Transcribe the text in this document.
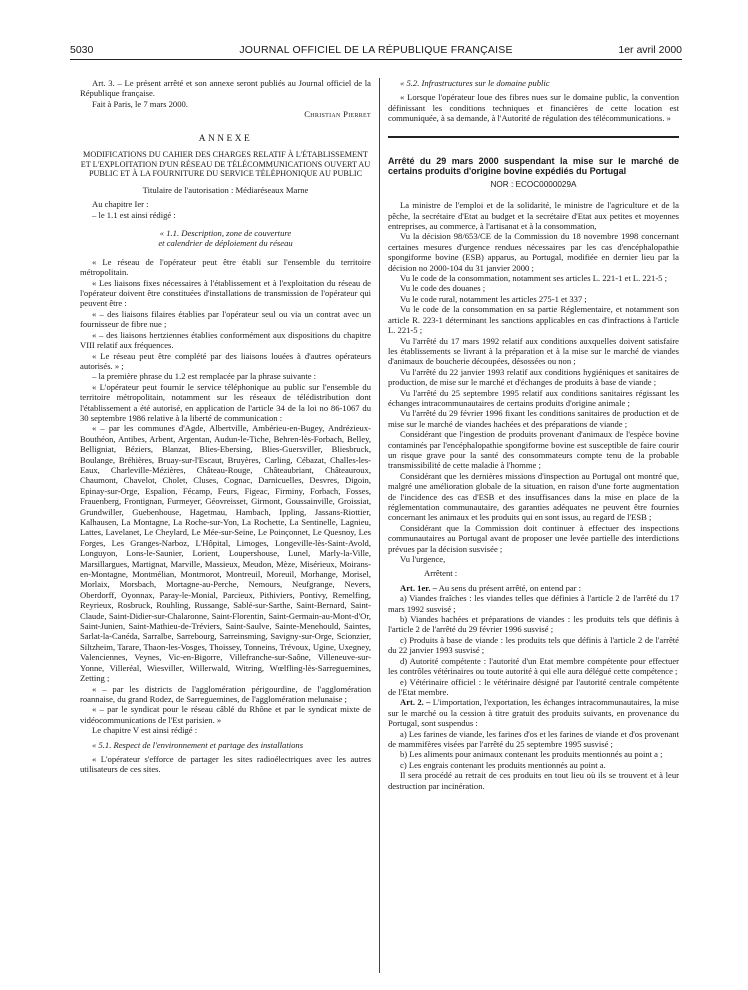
5030	JOURNAL OFFICIEL DE LA RÉPUBLIQUE FRANÇAISE	1er avril 2000

Art. 3. – Le présent arrêté et son annexe seront publiés au Journal officiel de la République française.

Fait à Paris, le 7 mars 2000.

Christian Pierret

ANNEXE

MODIFICATIONS DU CAHIER DES CHARGES RELATIF À L'ÉTABLISSEMENT ET L'EXPLOITATION D'UN RÉSEAU DE TÉLÉCOMMUNICATIONS OUVERT AU PUBLIC ET À LA FOURNITURE DU SERVICE TÉLÉPHONIQUE AU PUBLIC

Titulaire de l'autorisation : Médiaréseaux Marne

Au chapitre Ier :

– le 1.1 est ainsi rédigé :

« 1.1. Description, zone de couverture

et calendrier de déploiement du réseau

« Le réseau de l'opérateur peut être établi sur l'ensemble du territoire métropolitain.

« Les liaisons fixes nécessaires à l'établissement et à l'exploitation du réseau de l'opérateur doivent être constituées d'installations de transmission de l'opérateur qui peuvent être :

« – des liaisons filaires établies par l'opérateur seul ou via un contrat avec un fournisseur de fibre nue ;

« – des liaisons hertziennes établies conformément aux dispositions du chapitre VIII relatif aux fréquences.

« Le réseau peut être complété par des liaisons louées à d'autres opérateurs autorisés. » ;

– la première phrase du 1.2 est remplacée par la phrase suivante :

« L'opérateur peut fournir le service téléphonique au public sur l'ensemble du territoire métropolitain, notamment sur les réseaux de télédistribution dont l'établissement a été autorisé, en application de l'article 34 de la loi no 86-1067 du 30 septembre 1986 relative à la liberté de communication :

« – par les communes d'Agde, Albertville, Ambérieu-en-Bugey, Andrézieux-Bouthéon, Antibes, Arbent, Argentan, Audun-le-Tiche, Behren-lès-Forbach, Belley, Belligniat, Béziers, Blanzat, Blies-Ebersing, Blies-Guersviller, Bliesbruck, Boulange, Bréhières, Bruay-sur-l'Escaut, Bruyères, Carling, Cébazat, Challes-les-Eaux, Charleville-Mézières, Château-Rouge, Châteaubriant, Châteauroux, Chaumont, Chavelot, Cholet, Cluses, Cognac, Darnicuelles, Desvres, Digoin, Epinay-sur-Orge, Espalion, Fécamp, Feurs, Figeac, Firminy, Forbach, Fosses, Frauenberg, Frontignan, Furmeyer, Géovreisset, Girmont, Goussainville, Groissiat, Grundwiller, Guebenhouse, Hagetmau, Hambach, Ippling, Jassans-Riottier, Kalhausen, La Montagne, La Roche-sur-Yon, La Rochette, La Sentinelle, Lagnieu, Lattes, Lavelanet, Le Cheylard, Le Mée-sur-Seine, Le Poinçonnet, Le Quesnoy, Les Forges, Les Granges-Narboz, L'Hôpital, Limoges, Longeville-lès-Saint-Avold, Longuyon, Lons-le-Saunier, Lorient, Loupershouse, Lunel, Marly-la-Ville, Marsillargues, Martignat, Marville, Massieux, Meudon, Mèze, Misérieux, Moirans-en-Montagne, Montmélian, Montmorot, Montreuil, Moreuil, Morhange, Morisel, Morlaix, Morsbach, Mortagne-au-Perche, Nemours, Neufgrange, Nevers, Oberdorff, Oyonnax, Paray-le-Monial, Parcieux, Pithiviers, Pontivy, Remelfing, Reyrieux, Rosbruck, Rouhling, Russange, Sablé-sur-Sarthe, Saint-Bernard, Saint-Claude, Saint-Didier-sur-Chalaronne, Saint-Florentin, Saint-Germain-au-Mont-d'Or, Saint-Junien, Saint-Mathieu-de-Tréviers, Saint-Saulve, Sainte-Menehould, Saintes, Sarlat-la-Canéda, Sarralbe, Sarrebourg, Sarreinsming, Savigny-sur-Orge, Scionzier, Siltzheim, Tarare, Thaon-les-Vosges, Thoissey, Tonneins, Trévoux, Ugine, Uxegney, Valenciennes, Veynes, Vic-en-Bigorre, Villefranche-sur-Saône, Villeneuve-sur-Yonne, Villeréal, Wiesviller, Willerwald, Witring, Wœlfling-lès-Sarreguemines, Zetting ;

« – par les districts de l'agglomération périgourdine, de l'agglomération roannaise, du grand Rodez, de Sarreguemines, de l'agglomération melunaise ;

« – par le syndicat pour le réseau câblé du Rhône et par le syndicat mixte de vidéocommunications de l'Est parisien. »

Le chapitre V est ainsi rédigé :

« 5.1. Respect de l'environnement et partage des installations

« L'opérateur s'efforce de partager les sites radioélectriques avec les autres utilisateurs de ces sites.

« 5.2. Infrastructures sur le domaine public

« Lorsque l'opérateur loue des fibres nues sur le domaine public, la convention définissant les conditions techniques et financières de cette location est communiquée, à sa demande, à l'Autorité de régulation des télécommunications. »

Arrêté du 29 mars 2000 suspendant la mise sur le marché de certains produits d'origine bovine expédiés du Portugal

NOR : ECOC0000029A

La ministre de l'emploi et de la solidarité, le ministre de l'agriculture et de la pêche, la secrétaire d'Etat au budget et la secrétaire d'Etat aux petites et moyennes entreprises, au commerce, à l'artisanat et à la consommation,

Vu la décision 98/653/CE de la Commission du 18 novembre 1998 concernant certaines mesures d'urgence rendues nécessaires par les cas d'encéphalopathie spongiforme bovine (ESB) apparus, au Portugal, modifiée en dernier lieu par la décision no 2000-104 du 31 janvier 2000 ;

Vu le code de la consommation, notamment ses articles L. 221-1 et L. 221-5 ;

Vu le code des douanes ;

Vu le code rural, notamment les articles 275-1 et 337 ;

Vu le code de la consommation en sa partie Réglementaire, et notamment son article R. 223-1 déterminant les sanctions applicables en cas d'infractions à l'article L. 221-5 ;

Vu l'arrêté du 17 mars 1992 relatif aux conditions auxquelles doivent satisfaire les établissements se livrant à la préparation et à la mise sur le marché de viandes d'animaux de boucherie découpées, désossées ou non ;

Vu l'arrêté du 22 janvier 1993 relatif aux conditions hygiéniques et sanitaires de production, de mise sur le marché et d'échanges de produits à base de viande ;

Vu l'arrêté du 25 septembre 1995 relatif aux conditions sanitaires régissant les échanges intracommunautaires de certains produits d'origine animale ;

Vu l'arrêté du 29 février 1996 fixant les conditions sanitaires de production et de mise sur le marché de viandes hachées et des préparations de viande ;

Considérant que l'ingestion de produits provenant d'animaux de l'espèce bovine contaminés par l'encéphalopathie spongiforme bovine est susceptible de faire courir un risque grave pour la santé des consommateurs compte tenu de la probable transmissibilité de cette maladie à l'homme ;

Considérant que les dernières missions d'inspection au Portugal ont montré que, malgré une amélioration globale de la situation, en raison d'une forte augmentation de l'incidence des cas d'ESB et des insuffisances dans la mise en place de la réglementation communautaire, des garanties adéquates ne peuvent être fournies concernant les animaux et les produits qui en sont issus, au regard de l'ESB ;

Considérant que la Commission doit continuer à effectuer des inspections communautaires au Portugal avant de proposer une levée partielle des interdictions prévues par la décision susvisée ;

Vu l'urgence,

Arrêtent :

Art. 1er. – Au sens du présent arrêté, on entend par :

a) Viandes fraîches : les viandes telles que définies à l'article 2 de l'arrêté du 17 mars 1992 susvisé ;

b) Viandes hachées et préparations de viandes : les produits tels que définis à l'article 2 de l'arrêté du 29 février 1996 susvisé ;

c) Produits à base de viande : les produits tels que définis à l'article 2 de l'arrêté du 22 janvier 1993 susvisé ;

d) Autorité compétente : l'autorité d'un Etat membre compétente pour effectuer les contrôles vétérinaires ou toute autorité à qui elle aura délégué cette compétence ;

e) Vétérinaire officiel : le vétérinaire désigné par l'autorité centrale compétente de l'Etat membre.

Art. 2. – L'importation, l'exportation, les échanges intracommunautaires, la mise sur le marché ou la cession à titre gratuit des produits suivants, en provenance du Portugal, sont suspendus :

a) Les farines de viande, les farines d'os et les farines de viande et d'os provenant de mammifères visées par l'arrêté du 25 septembre 1995 susvisé ;

b) Les aliments pour animaux contenant les produits mentionnés au point a ;

c) Les engrais contenant les produits mentionnés au point a.

Il sera procédé au retrait de ces produits en tout lieu où ils se trouvent et à leur destruction par incinération.
